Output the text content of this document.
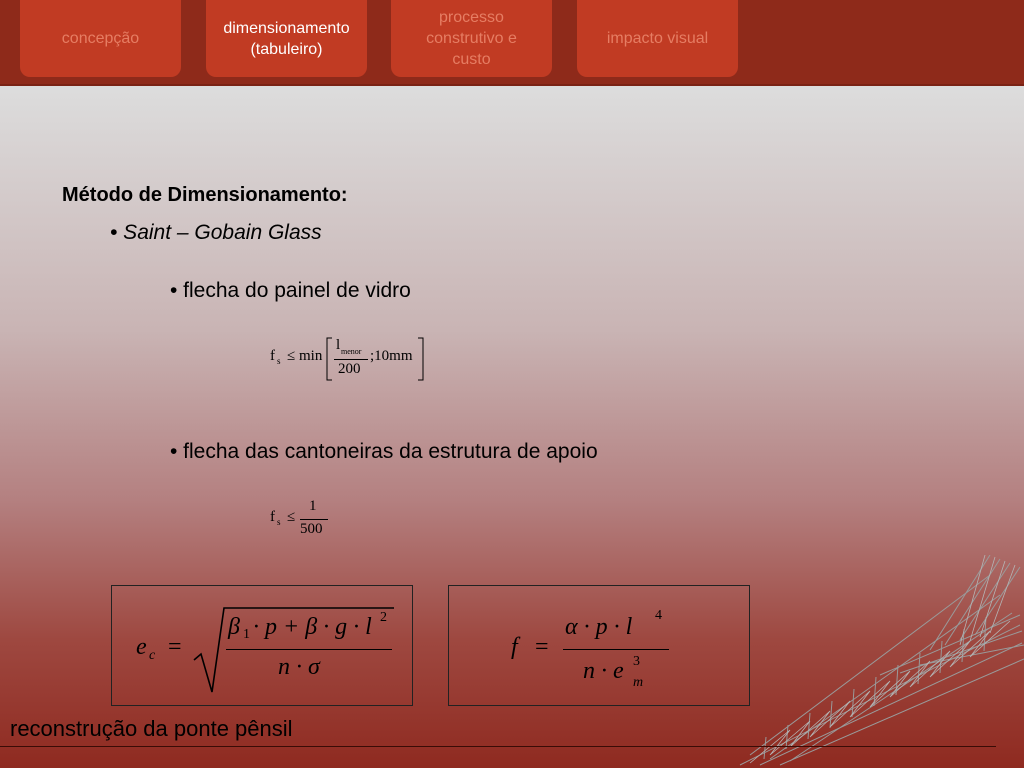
concepção
dimensionamento
(tabuleiro)
processo
construtivo e
custo
impacto visual
Método de Dimensionamento:
• Saint – Gobain Glass
• flecha do painel de vidro
f s ≤ min
l menor
200
;10mm
• flecha das cantoneiras da estrutura de apoio
f s ≤
1
500
e c =
β 1 · p + β · g · l 2
n · σ
f =
α · p · l 4
n · e 3
m
reconstrução da ponte pênsil
